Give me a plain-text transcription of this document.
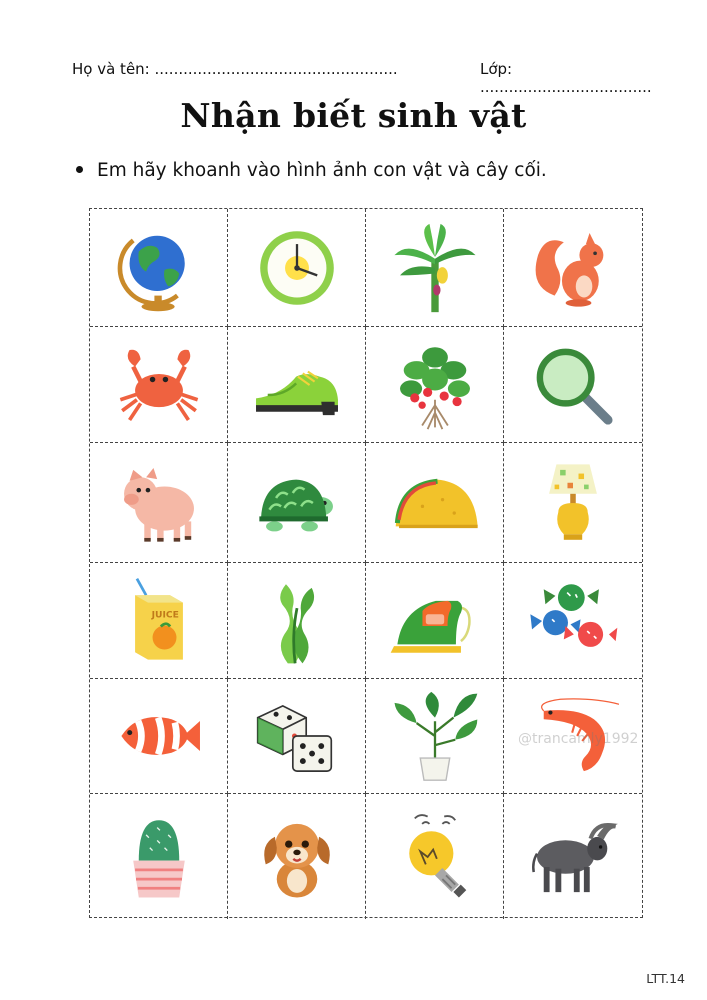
Họ và tên: ...................................................	Lớp: ....................................
Nhận biết sinh vật
Em hãy khoanh vào hình ảnh con vật và cây cối.
JUICE
@trancamly1992
LTT.14
